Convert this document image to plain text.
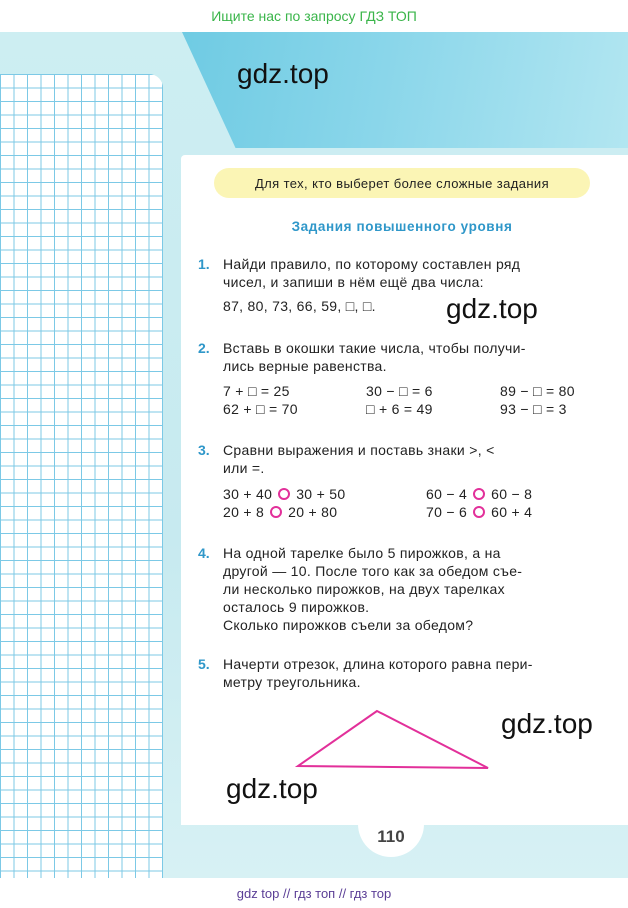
Ищите нас по запросу ГДЗ ТОП
gdz.top
Для тех, кто выберет более сложные задания
Задания повышенного уровня
1. Найди правило, по которому составлен ряд
чисел, и запиши в нём ещё два числа:
87, 80, 73, 66, 59, □, □.	gdz.top
2. Вставь в окошки такие числа, чтобы получи-
лись верные равенства.
7 + □ = 25	30 − □ = 6	89 − □ = 80
62 + □ = 70	□ + 6 = 49	93 − □ = 3
3. Сравни выражения и поставь знаки >, <
или =.
30 + 40 30 + 50	60 − 4 60 − 8
20 + 8 20 + 80	70 − 6 60 + 4
4. На одной тарелке было 5 пирожков, а на
другой — 10. После того как за обедом съе-
ли несколько пирожков, на двух тарелках
осталось 9 пирожков.
Сколько пирожков съели за обедом?
5. Начерти отрезок, длина которого равна пери-
метру треугольника.
gdz.top
gdz.top
110
gdz top // гдз топ // гдз тор
